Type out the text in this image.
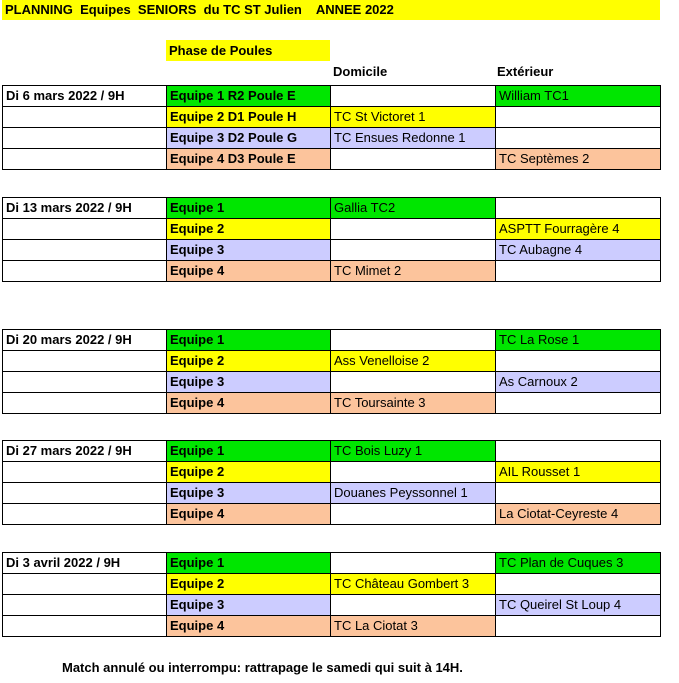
PLANNING  Equipes  SENIORS  du TC ST Julien    ANNEE 2022
Phase de Poules
Domicile	Extérieur
Di 6 mars 2022 / 9H	Equipe 1 R2 Poule E		William TC1
	Equipe 2 D1 Poule H	TC St Victoret 1	
	Equipe 3 D2 Poule G	TC Ensues Redonne 1	
	Equipe 4 D3 Poule E		TC Septèmes 2
Di 13 mars 2022 / 9H	Equipe 1	Gallia TC2	
	Equipe 2		ASPTT Fourragère 4
	Equipe 3		TC Aubagne 4
	Equipe 4	TC Mimet 2	
Di 20 mars 2022 / 9H	Equipe 1		TC La Rose 1
	Equipe 2	Ass Venelloise 2	
	Equipe 3		As Carnoux 2
	Equipe 4	TC Toursainte 3	
Di 27 mars 2022 / 9H	Equipe 1	TC Bois Luzy 1	
	Equipe 2		AIL Rousset 1
	Equipe 3	Douanes Peyssonnel 1	
	Equipe 4		La Ciotat-Ceyreste 4
Di 3 avril 2022 / 9H	Equipe 1		TC Plan de Cuques 3
	Equipe 2	TC Château Gombert 3	
	Equipe 3		TC Queirel St Loup 4
	Equipe 4	TC La Ciotat 3	
Match annulé ou interrompu: rattrapage le samedi qui suit à 14H.
